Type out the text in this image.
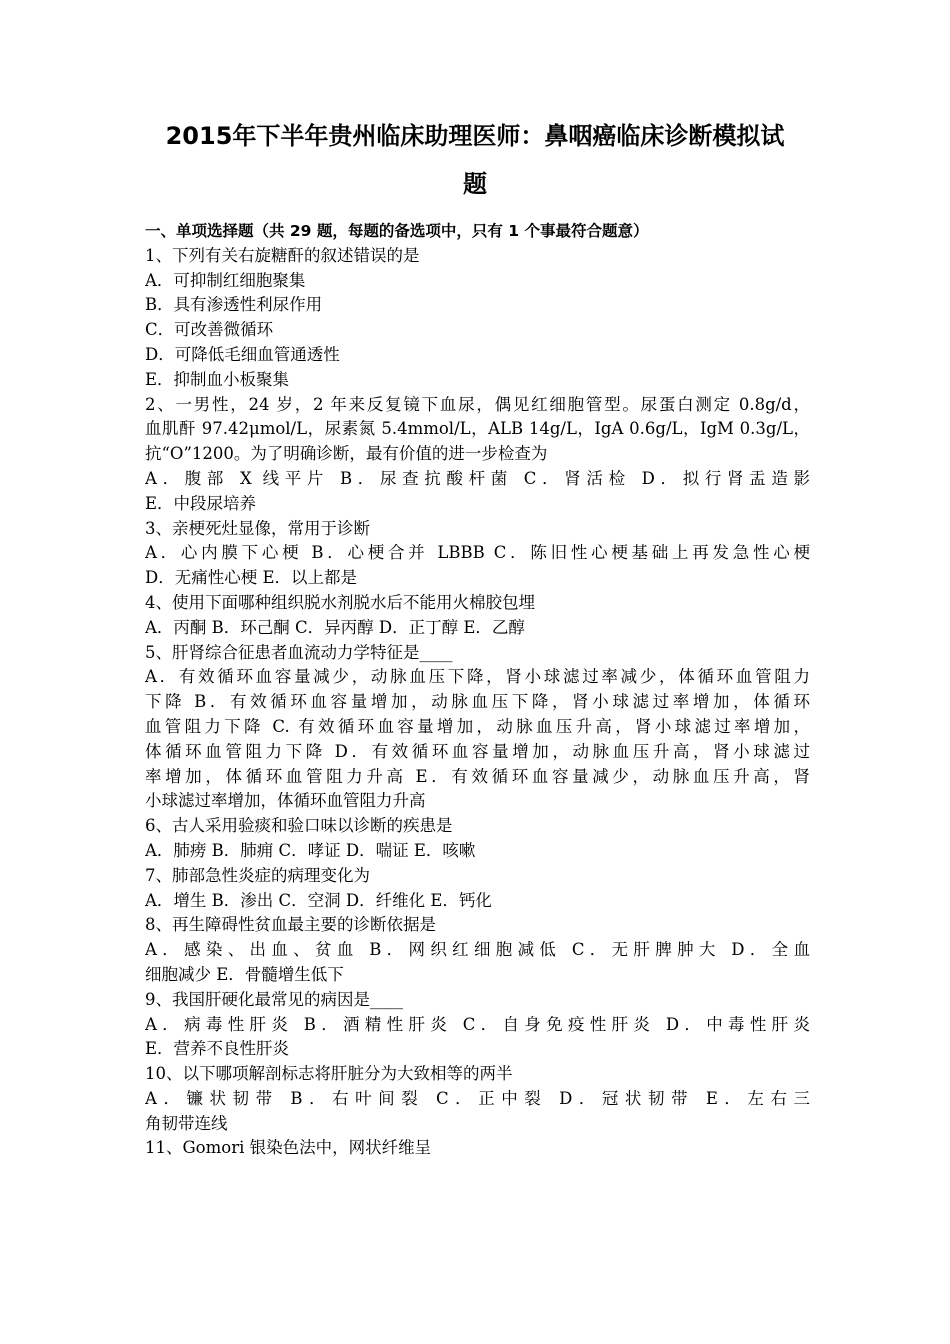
2015年下半年贵州临床助理医师：鼻咽癌临床诊断模拟试
题
一、单项选择题（共 29 题，每题的备选项中，只有 1 个事最符合题意）
1、下列有关右旋糖酐的叙述错误的是
A．可抑制红细胞聚集
B．具有渗透性利尿作用
C．可改善微循环
D．可降低毛细血管通透性
E．抑制血小板聚集
2、一男性，24 岁，2 年来反复镜下血尿，偶见红细胞管型。尿蛋白测定 0.8g/d，
血肌酐 97.42μmol/L，尿素氮 5.4mmol/L，ALB 14g/L，IgA 0.6g/L，IgM 0.3g/L，
抗“O”1200。为了明确诊断，最有价值的进一步检查为
A．腹部 X 线平片 B．尿查抗酸杆菌 C．肾活检 D．拟行肾盂造影
E．中段尿培养
3、亲梗死灶显像，常用于诊断
A．心内膜下心梗 B．心梗合并 LBBB C．陈旧性心梗基础上再发急性心梗
D．无痛性心梗 E．以上都是
4、使用下面哪种组织脱水剂脱水后不能用火棉胶包埋
A．丙酮 B．环己酮 C．异丙醇 D．正丁醇 E．乙醇
5、肝肾综合征患者血流动力学特征是____
A．有效循环血容量减少，动脉血压下降，肾小球滤过率减少，体循环血管阻力
下降 B．有效循环血容量增加，动脉血压下降，肾小球滤过率增加，体循环
血管阻力下降 C. 有效循环血容量增加，动脉血压升高，肾小球滤过率增加，
体循环血管阻力下降 D．有效循环血容量增加，动脉血压升高，肾小球滤过
率增加，体循环血管阻力升高 E．有效循环血容量减少，动脉血压升高，肾
小球滤过率增加，体循环血管阻力升高
6、古人采用验痰和验口味以诊断的疾患是
A．肺痨 B．肺痈 C．哮证 D．喘证 E．咳嗽
7、肺部急性炎症的病理变化为
A．增生 B．渗出 C．空洞 D．纤维化 E．钙化
8、再生障碍性贫血最主要的诊断依据是
A．感染、出血、贫血 B．网织红细胞减低 C．无肝脾肿大 D．全血
细胞减少 E．骨髓增生低下
9、我国肝硬化最常见的病因是____
A．病毒性肝炎 B．酒精性肝炎 C．自身免疫性肝炎 D．中毒性肝炎
E．营养不良性肝炎
10、以下哪项解剖标志将肝脏分为大致相等的两半
A．镰状韧带 B．右叶间裂 C．正中裂 D．冠状韧带 E．左右三
角韧带连线
11、Gomori 银染色法中，网状纤维呈
